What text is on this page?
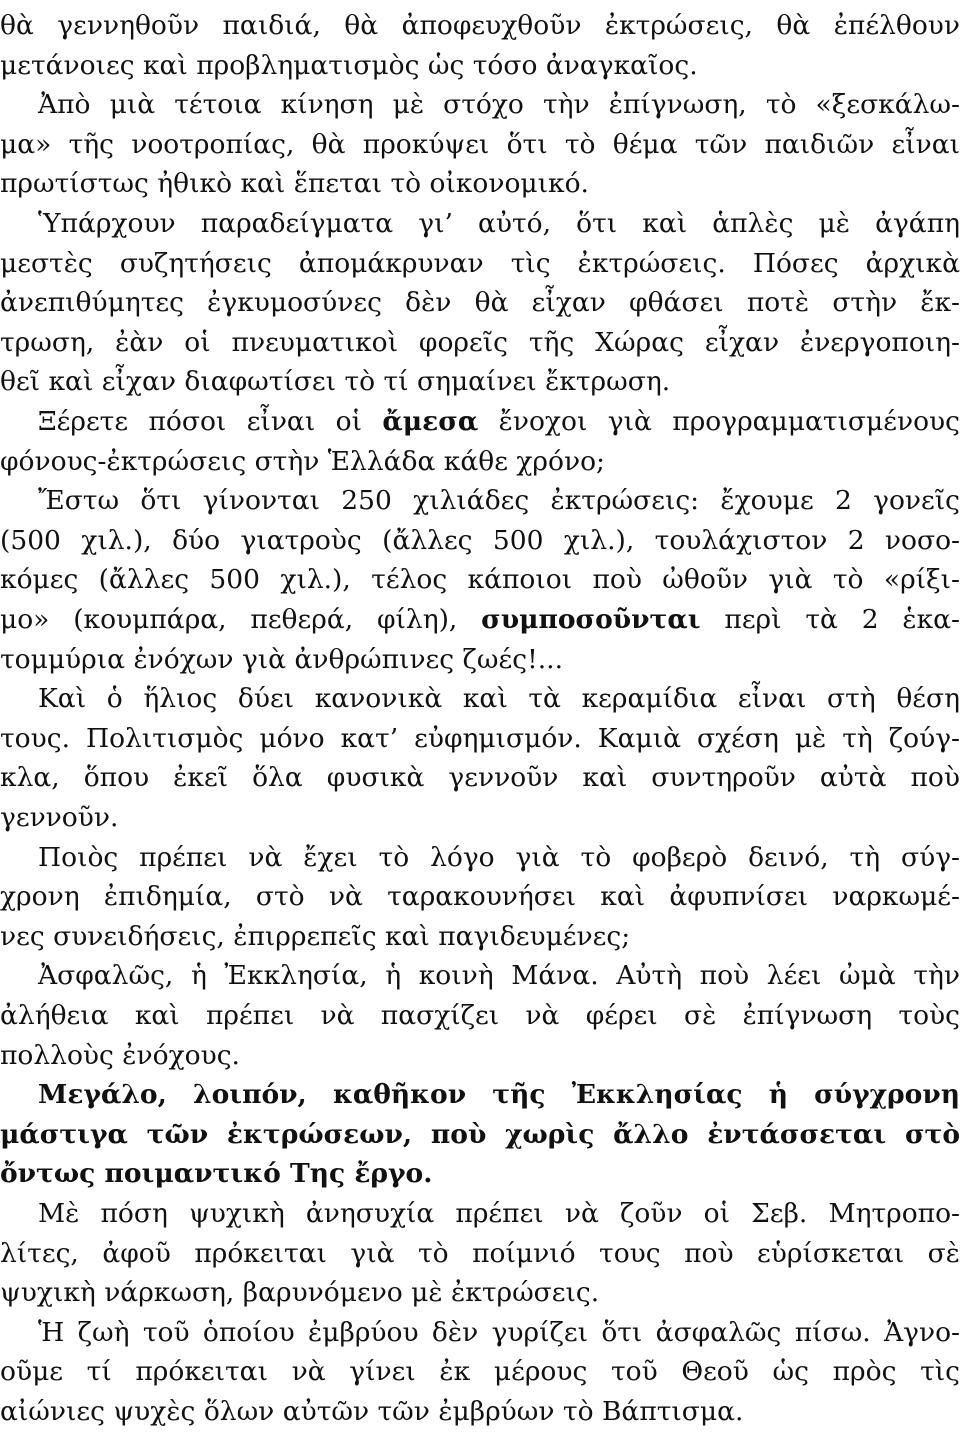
θὰ γεννηθοῦν παιδιά, θὰ ἀποφευχθοῦν ἐκτρώσεις, θὰ ἐπέλθουν
μετάνοιες καὶ προβληματισμὸς ὡς τόσο ἀναγκαῖος.
Ἀπὸ μιὰ τέτοια κίνηση μὲ στόχο τὴν ἐπίγνωση, τὸ «ξεσκάλω-
μα» τῆς νοοτροπίας, θὰ προκύψει ὅτι τὸ θέμα τῶν παιδιῶν εἶναι
πρωτίστως ἠθικὸ καὶ ἕπεται τὸ οἰκονομικό.
Ὑπάρχουν παραδείγματα γι’ αὐτό, ὅτι καὶ ἁπλὲς μὲ ἀγάπη
μεστὲς συζητήσεις ἀπομάκρυναν τὶς ἐκτρώσεις. Πόσες ἀρχικὰ
ἀνεπιθύμητες ἐγκυμοσύνες δὲν θὰ εἶχαν φθάσει ποτὲ στὴν ἔκ-
τρωση, ἐὰν οἱ πνευματικοὶ φορεῖς τῆς Χώρας εἶχαν ἐνεργοποιη-
θεῖ καὶ εἶχαν διαφωτίσει τὸ τί σημαίνει ἔκτρωση.
Ξέρετε πόσοι εἶναι οἱ ἄμεσα ἔνοχοι γιὰ προγραμματισμένους
φόνους-ἐκτρώσεις στὴν Ἑλλάδα κάθε χρόνο;
Ἔστω ὅτι γίνονται 250 χιλιάδες ἐκτρώσεις: ἔχουμε 2 γονεῖς
(500 χιλ.), δύο γιατροὺς (ἄλλες 500 χιλ.), τουλάχιστον 2 νοσο-
κόμες (ἄλλες 500 χιλ.), τέλος κάποιοι ποὺ ὠθοῦν γιὰ τὸ «ρίξι-
μο» (κουμπάρα, πεθερά, φίλη), συμποσοῦνται περὶ τὰ 2 ἑκα-
τομμύρια ἐνόχων γιὰ ἀνθρώπινες ζωές!...
Καὶ ὁ ἥλιος δύει κανονικὰ καὶ τὰ κεραμίδια εἶναι στὴ θέση
τους. Πολιτισμὸς μόνο κατ’ εὐφημισμόν. Καμιὰ σχέση μὲ τὴ ζούγ-
κλα, ὅπου ἐκεῖ ὅλα φυσικὰ γεννοῦν καὶ συντηροῦν αὐτὰ ποὺ
γεννοῦν.
Ποιὸς πρέπει νὰ ἔχει τὸ λόγο γιὰ τὸ φοβερὸ δεινό, τὴ σύγ-
χρονη ἐπιδημία, στὸ νὰ ταρακουνήσει καὶ ἀφυπνίσει ναρκωμέ-
νες συνειδήσεις, ἐπιρρεπεῖς καὶ παγιδευμένες;
Ἀσφαλῶς, ἡ Ἐκκλησία, ἡ κοινὴ Μάνα. Αὐτὴ ποὺ λέει ὠμὰ τὴν
ἀλήθεια καὶ πρέπει νὰ πασχίζει νὰ φέρει σὲ ἐπίγνωση τοὺς
πολλοὺς ἐνόχους.
Μεγάλο, λοιπόν, καθῆκον τῆς Ἐκκλησίας ἡ σύγχρονη
μάστιγα τῶν ἐκτρώσεων, ποὺ χωρὶς ἄλλο ἐντάσσεται στὸ
ὄντως ποιμαντικό Της ἔργο.
Μὲ πόση ψυχικὴ ἀνησυχία πρέπει νὰ ζοῦν οἱ Σεβ. Μητροπο-
λίτες, ἀφοῦ πρόκειται γιὰ τὸ ποίμνιό τους ποὺ εὑρίσκεται σὲ
ψυχικὴ νάρκωση, βαρυνόμενο μὲ ἐκτρώσεις.
Ἡ ζωὴ τοῦ ὁποίου ἐμβρύου δὲν γυρίζει ὅτι ἀσφαλῶς πίσω. Ἀγνο-
οῦμε τί πρόκειται νὰ γίνει ἐκ μέρους τοῦ Θεοῦ ὡς πρὸς τὶς
αἰώνιες ψυχὲς ὅλων αὐτῶν τῶν ἐμβρύων τὸ Βάπτισμα.
